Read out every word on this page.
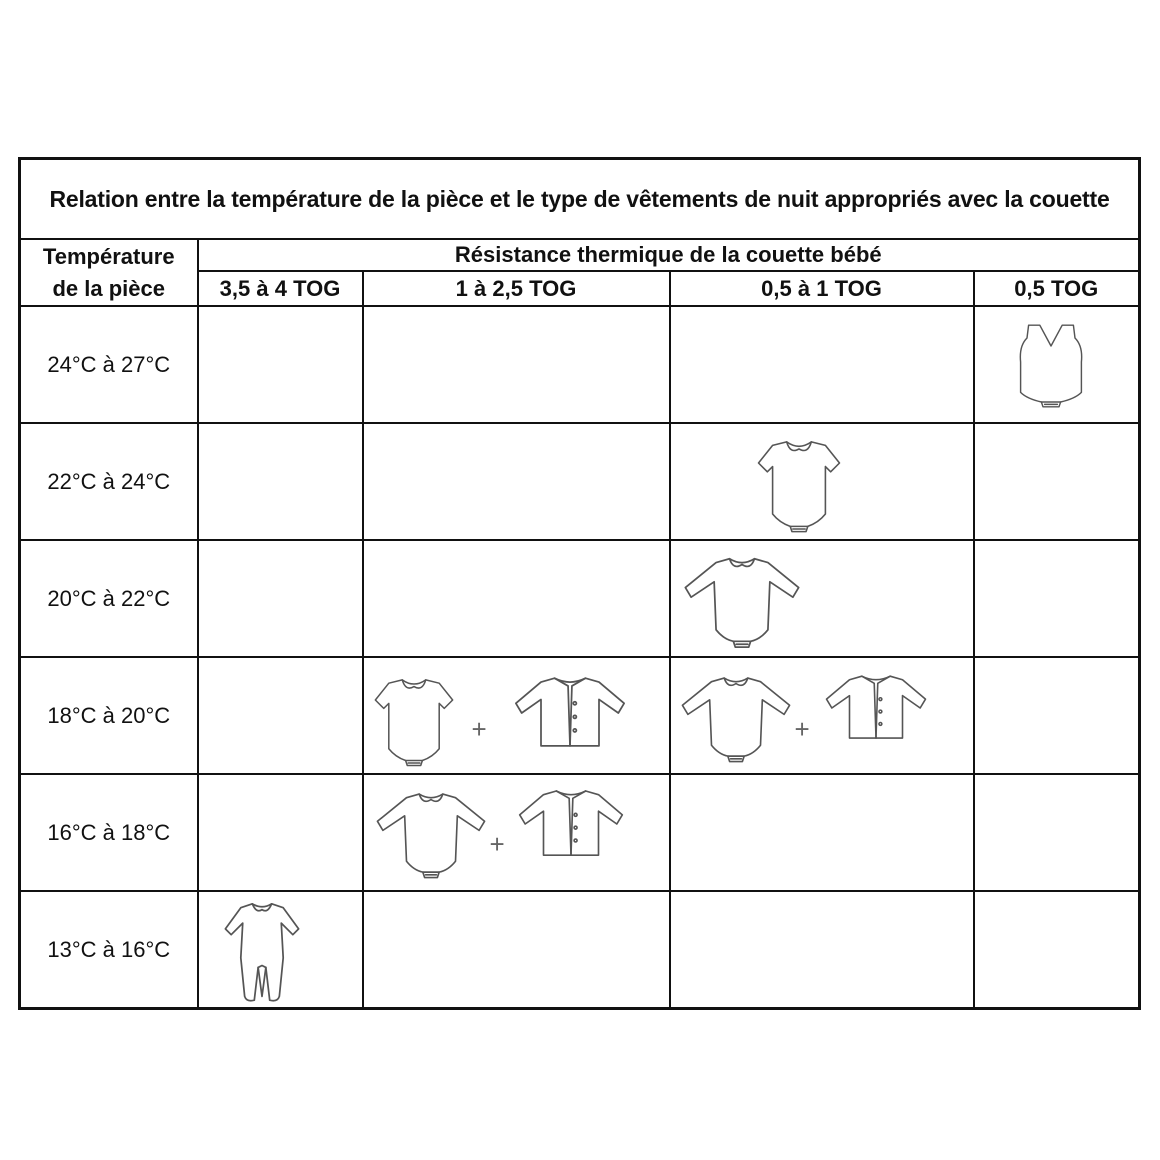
Relation entre la température de la pièce et le type de vêtements de nuit appropriés avec la couette				

Température
de la pièce	Résistance thermique de la couette bébé			
	3,5 à 4 TOG	1 à 2,5 TOG	0,5 à 1 TOG	0,5 TOG
24°C à 27°C				

22°C à 24°C			

20°C à 22°C			

18°C à 20°C		+	+	

16°C à 18°C		+		

13°C à 16°C	
